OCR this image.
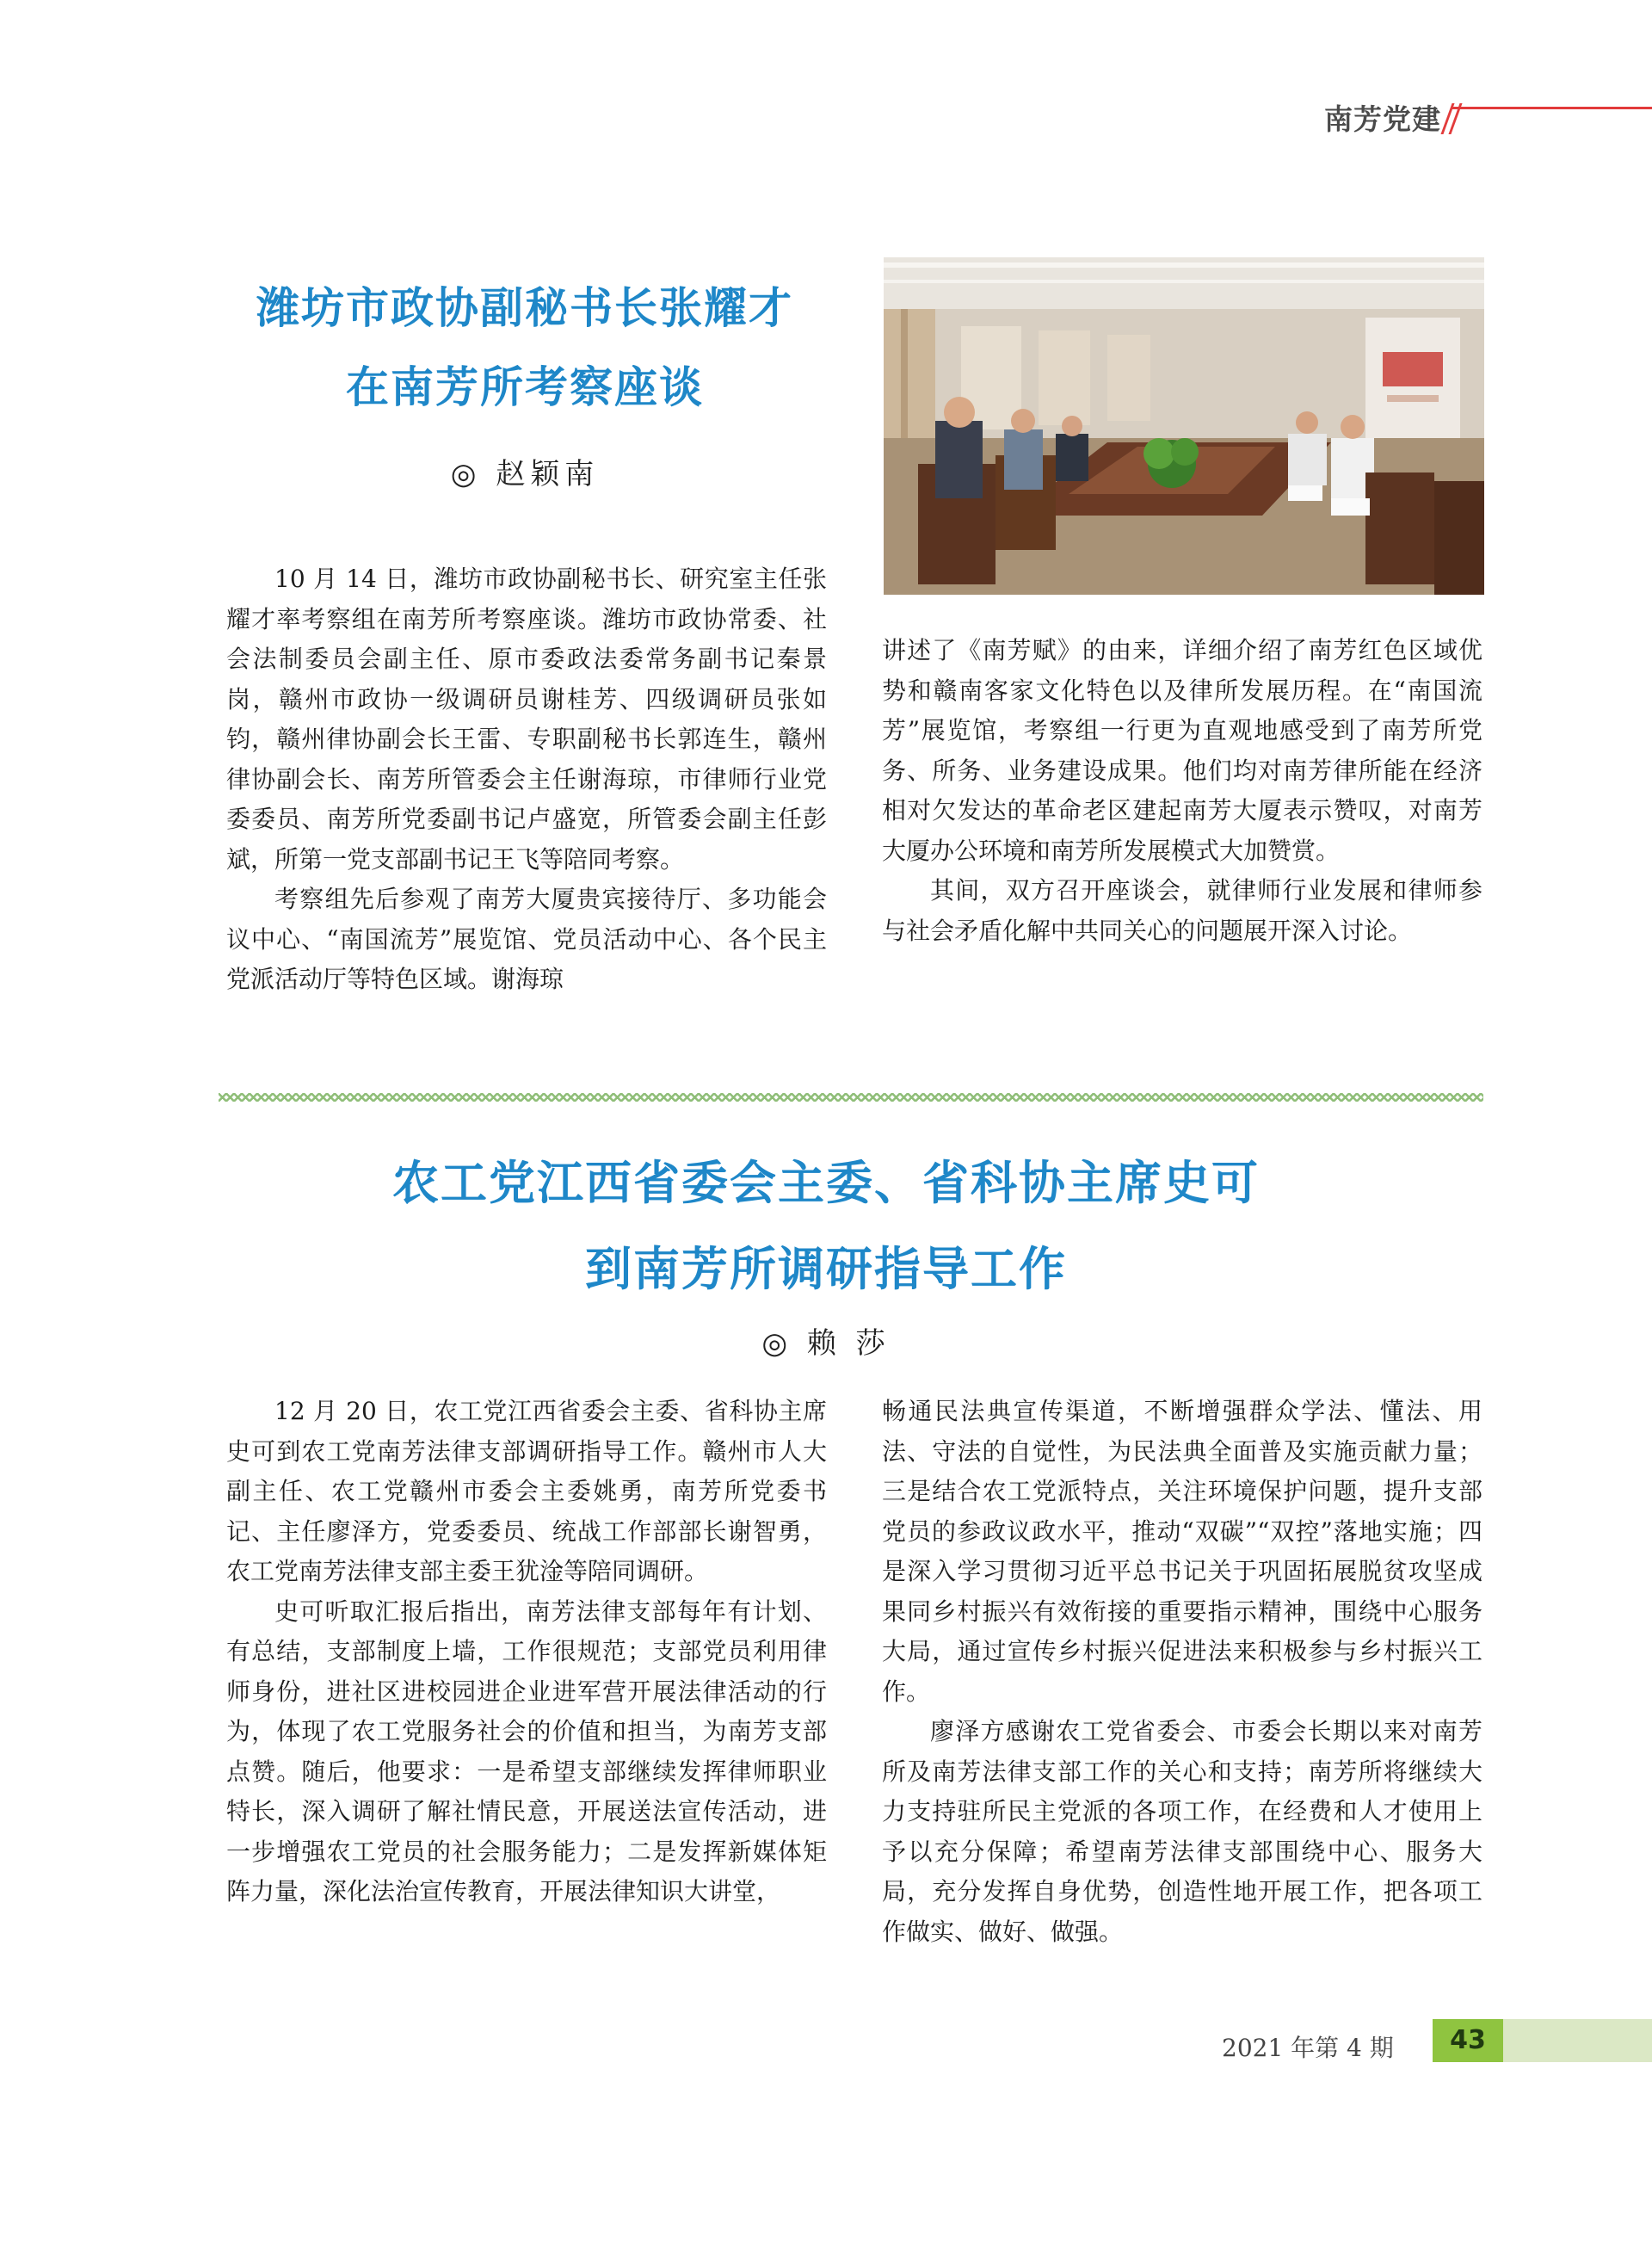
南芳党建
潍坊市政协副秘书长张耀才
在南芳所考察座谈
◎ 赵颖南

10 月 14 日，潍坊市政协副秘书长、研究室主任张耀才率考察组在南芳所考察座谈。潍坊市政协常委、社会法制委员会副主任、原市委政法委常务副书记秦景岗，赣州市政协一级调研员谢桂芳、四级调研员张如钧，赣州律协副会长王雷、专职副秘书长郭连生，赣州律协副会长、南芳所管委会主任谢海琼，市律师行业党委委员、南芳所党委副书记卢盛宽，所管委会副主任彭斌，所第一党支部副书记王飞等陪同考察。

考察组先后参观了南芳大厦贵宾接待厅、多功能会议中心、“南国流芳”展览馆、党员活动中心、各个民主党派活动厅等特色区域。谢海琼

讲述了《南芳赋》的由来，详细介绍了南芳红色区域优势和赣南客家文化特色以及律所发展历程。在“南国流芳”展览馆，考察组一行更为直观地感受到了南芳所党务、所务、业务建设成果。他们均对南芳律所能在经济相对欠发达的革命老区建起南芳大厦表示赞叹，对南芳大厦办公环境和南芳所发展模式大加赞赏。

其间，双方召开座谈会，就律师行业发展和律师参与社会矛盾化解中共同关心的问题展开深入讨论。

农工党江西省委会主委、省科协主席史可
到南芳所调研指导工作
◎ 赖 莎

12 月 20 日，农工党江西省委会主委、省科协主席史可到农工党南芳法律支部调研指导工作。赣州市人大副主任、农工党赣州市委会主委姚勇，南芳所党委书记、主任廖泽方，党委委员、统战工作部部长谢智勇，农工党南芳法律支部主委王犹淦等陪同调研。

史可听取汇报后指出，南芳法律支部每年有计划、有总结，支部制度上墙，工作很规范；支部党员利用律师身份，进社区进校园进企业进军营开展法律活动的行为，体现了农工党服务社会的价值和担当，为南芳支部点赞。随后，他要求：一是希望支部继续发挥律师职业特长，深入调研了解社情民意，开展送法宣传活动，进一步增强农工党员的社会服务能力；二是发挥新媒体矩阵力量，深化法治宣传教育，开展法律知识大讲堂，

畅通民法典宣传渠道，不断增强群众学法、懂法、用法、守法的自觉性，为民法典全面普及实施贡献力量；三是结合农工党派特点，关注环境保护问题，提升支部党员的参政议政水平，推动“双碳”“双控”落地实施；四是深入学习贯彻习近平总书记关于巩固拓展脱贫攻坚成果同乡村振兴有效衔接的重要指示精神，围绕中心服务大局，通过宣传乡村振兴促进法来积极参与乡村振兴工作。

廖泽方感谢农工党省委会、市委会长期以来对南芳所及南芳法律支部工作的关心和支持；南芳所将继续大力支持驻所民主党派的各项工作，在经费和人才使用上予以充分保障；希望南芳法律支部围绕中心、服务大局，充分发挥自身优势，创造性地开展工作，把各项工作做实、做好、做强。

2021 年第 4 期	43
